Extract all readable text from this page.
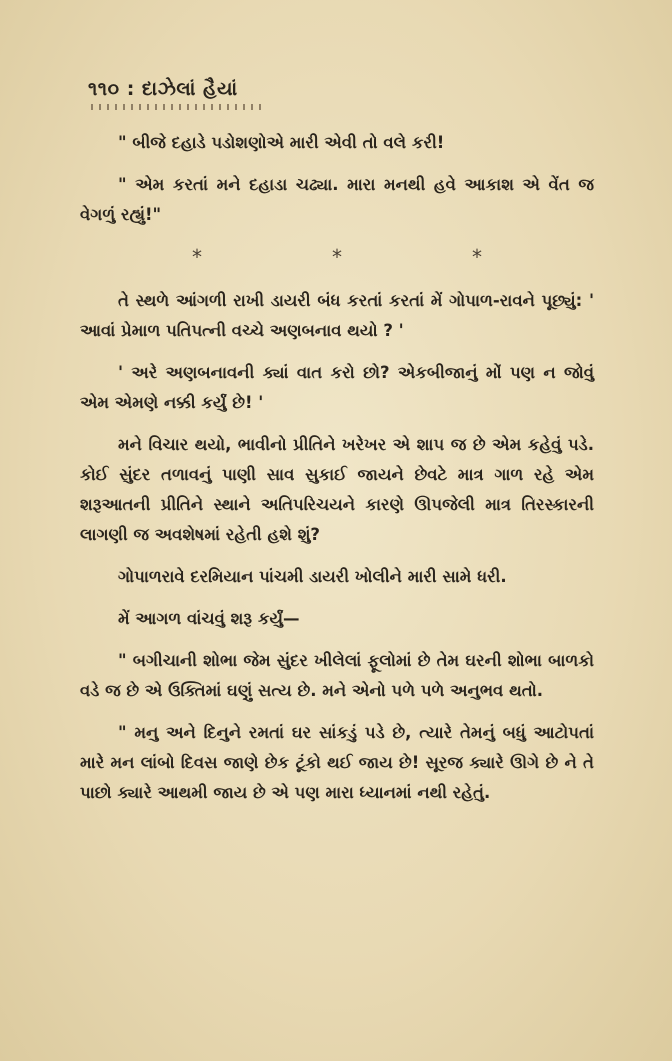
૧૧૦ : દાઝેલાં હૈયાં

" બીજે દહાડે પડોશણોએ મારી એવી તો વલે કરી!

" એમ કરતાં મને દહાડા ચઢ્યા. મારા મનથી હવે આકાશ એ વેંત જ વેગળું રહ્યું!"

*	*	*

તે સ્થળે આંગળી રાખી ડાયરી બંધ કરતાં કરતાં મેં ગોપાળ-રાવને પૂછ્યું: ' આવાં પ્રેમાળ પતિપત્ની વચ્ચે અણબનાવ થયો ? '

' અરે અણબનાવની ક્યાં વાત કરો છો? એકબીજાનું મોં પણ ન જોવું એમ એમણે નક્કી કર્યું છે! '

મને વિચાર થયો, ભાવીનો પ્રીતિને ખરેખર એ શાપ જ છે એમ કહેવું પડે. કોઈ સુંદર તળાવનું પાણી સાવ સુકાઈ જાયને છેવટે માત્ર ગાળ રહે એમ શરૂઆતની પ્રીતિને સ્થાને અતિપરિચયને કારણે ઊપજેલી માત્ર તિરસ્કારની લાગણી જ અવશેષમાં રહેતી હશે શું?

ગોપાળરાવે દરમિયાન પાંચમી ડાયરી ખોલીને મારી સામે ધરી.

મેં આગળ વાંચવું શરૂ કર્યું—

" બગીચાની શોભા જેમ સુંદર ખીલેલાં ફૂલોમાં છે તેમ ઘરની શોભા બાળકો વડે જ છે એ ઉક્તિમાં ઘણું સત્ય છે. મને એનો પળે પળે અનુભવ થતો.

" મનુ અને દિનુને રમતાં ઘર સાંકડું પડે છે, ત્યારે તેમનું બધું આટોપતાં મારે મન લાંબો દિવસ જાણે છેક ટૂંકો થઈ જાય છે! સૂરજ ક્યારે ઊગે છે ને તે પાછો ક્યારે આથમી જાય છે એ પણ મારા ધ્યાનમાં નથી રહેતું.
